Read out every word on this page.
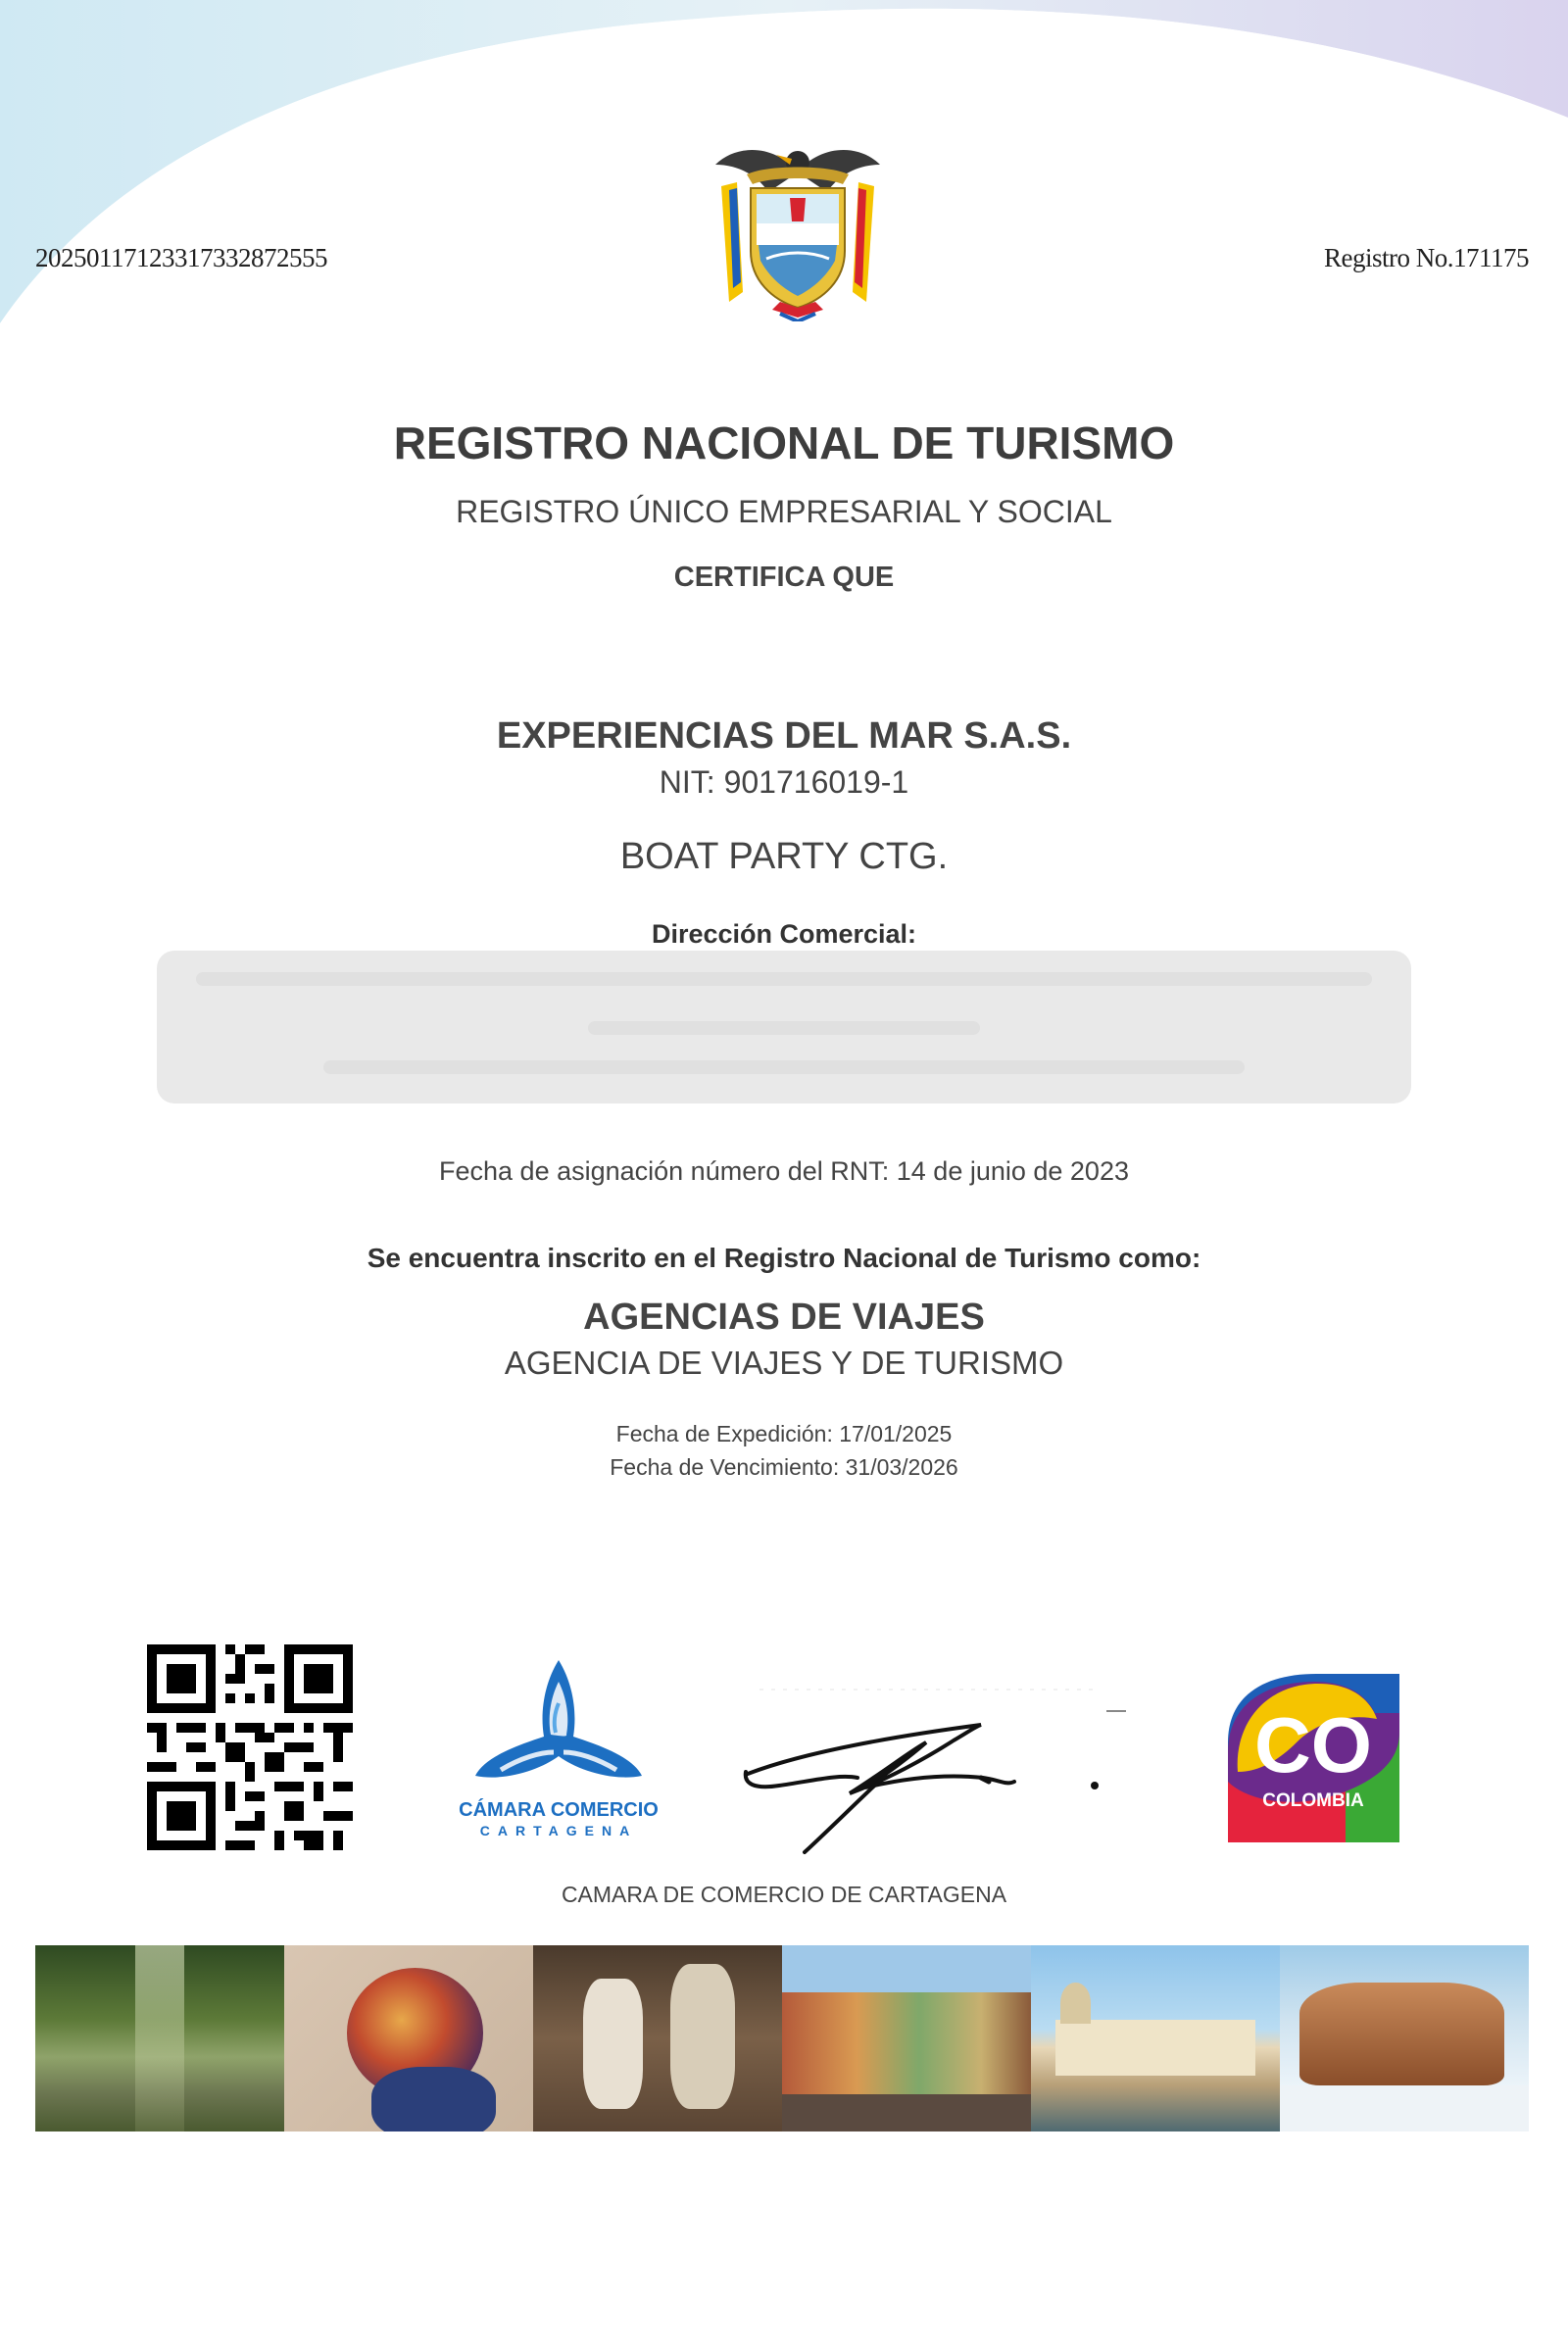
20250117123317332872555	Registro No.171175
REGISTRO NACIONAL DE TURISMO
REGISTRO ÚNICO EMPRESARIAL Y SOCIAL
CERTIFICA QUE
EXPERIENCIAS DEL MAR S.A.S.
NIT: 901716019-1
BOAT PARTY CTG.
Dirección Comercial:
Fecha de asignación número del RNT: 14 de junio de 2023
Se encuentra inscrito en el Registro Nacional de Turismo como:
AGENCIAS DE VIAJES
AGENCIA DE VIAJES Y DE TURISMO
Fecha de Expedición: 17/01/2025
Fecha de Vencimiento: 31/03/2026
CÁMARA COMERCIO
CARTAGENA
CO
COLOMBIA
CAMARA DE COMERCIO DE CARTAGENA
